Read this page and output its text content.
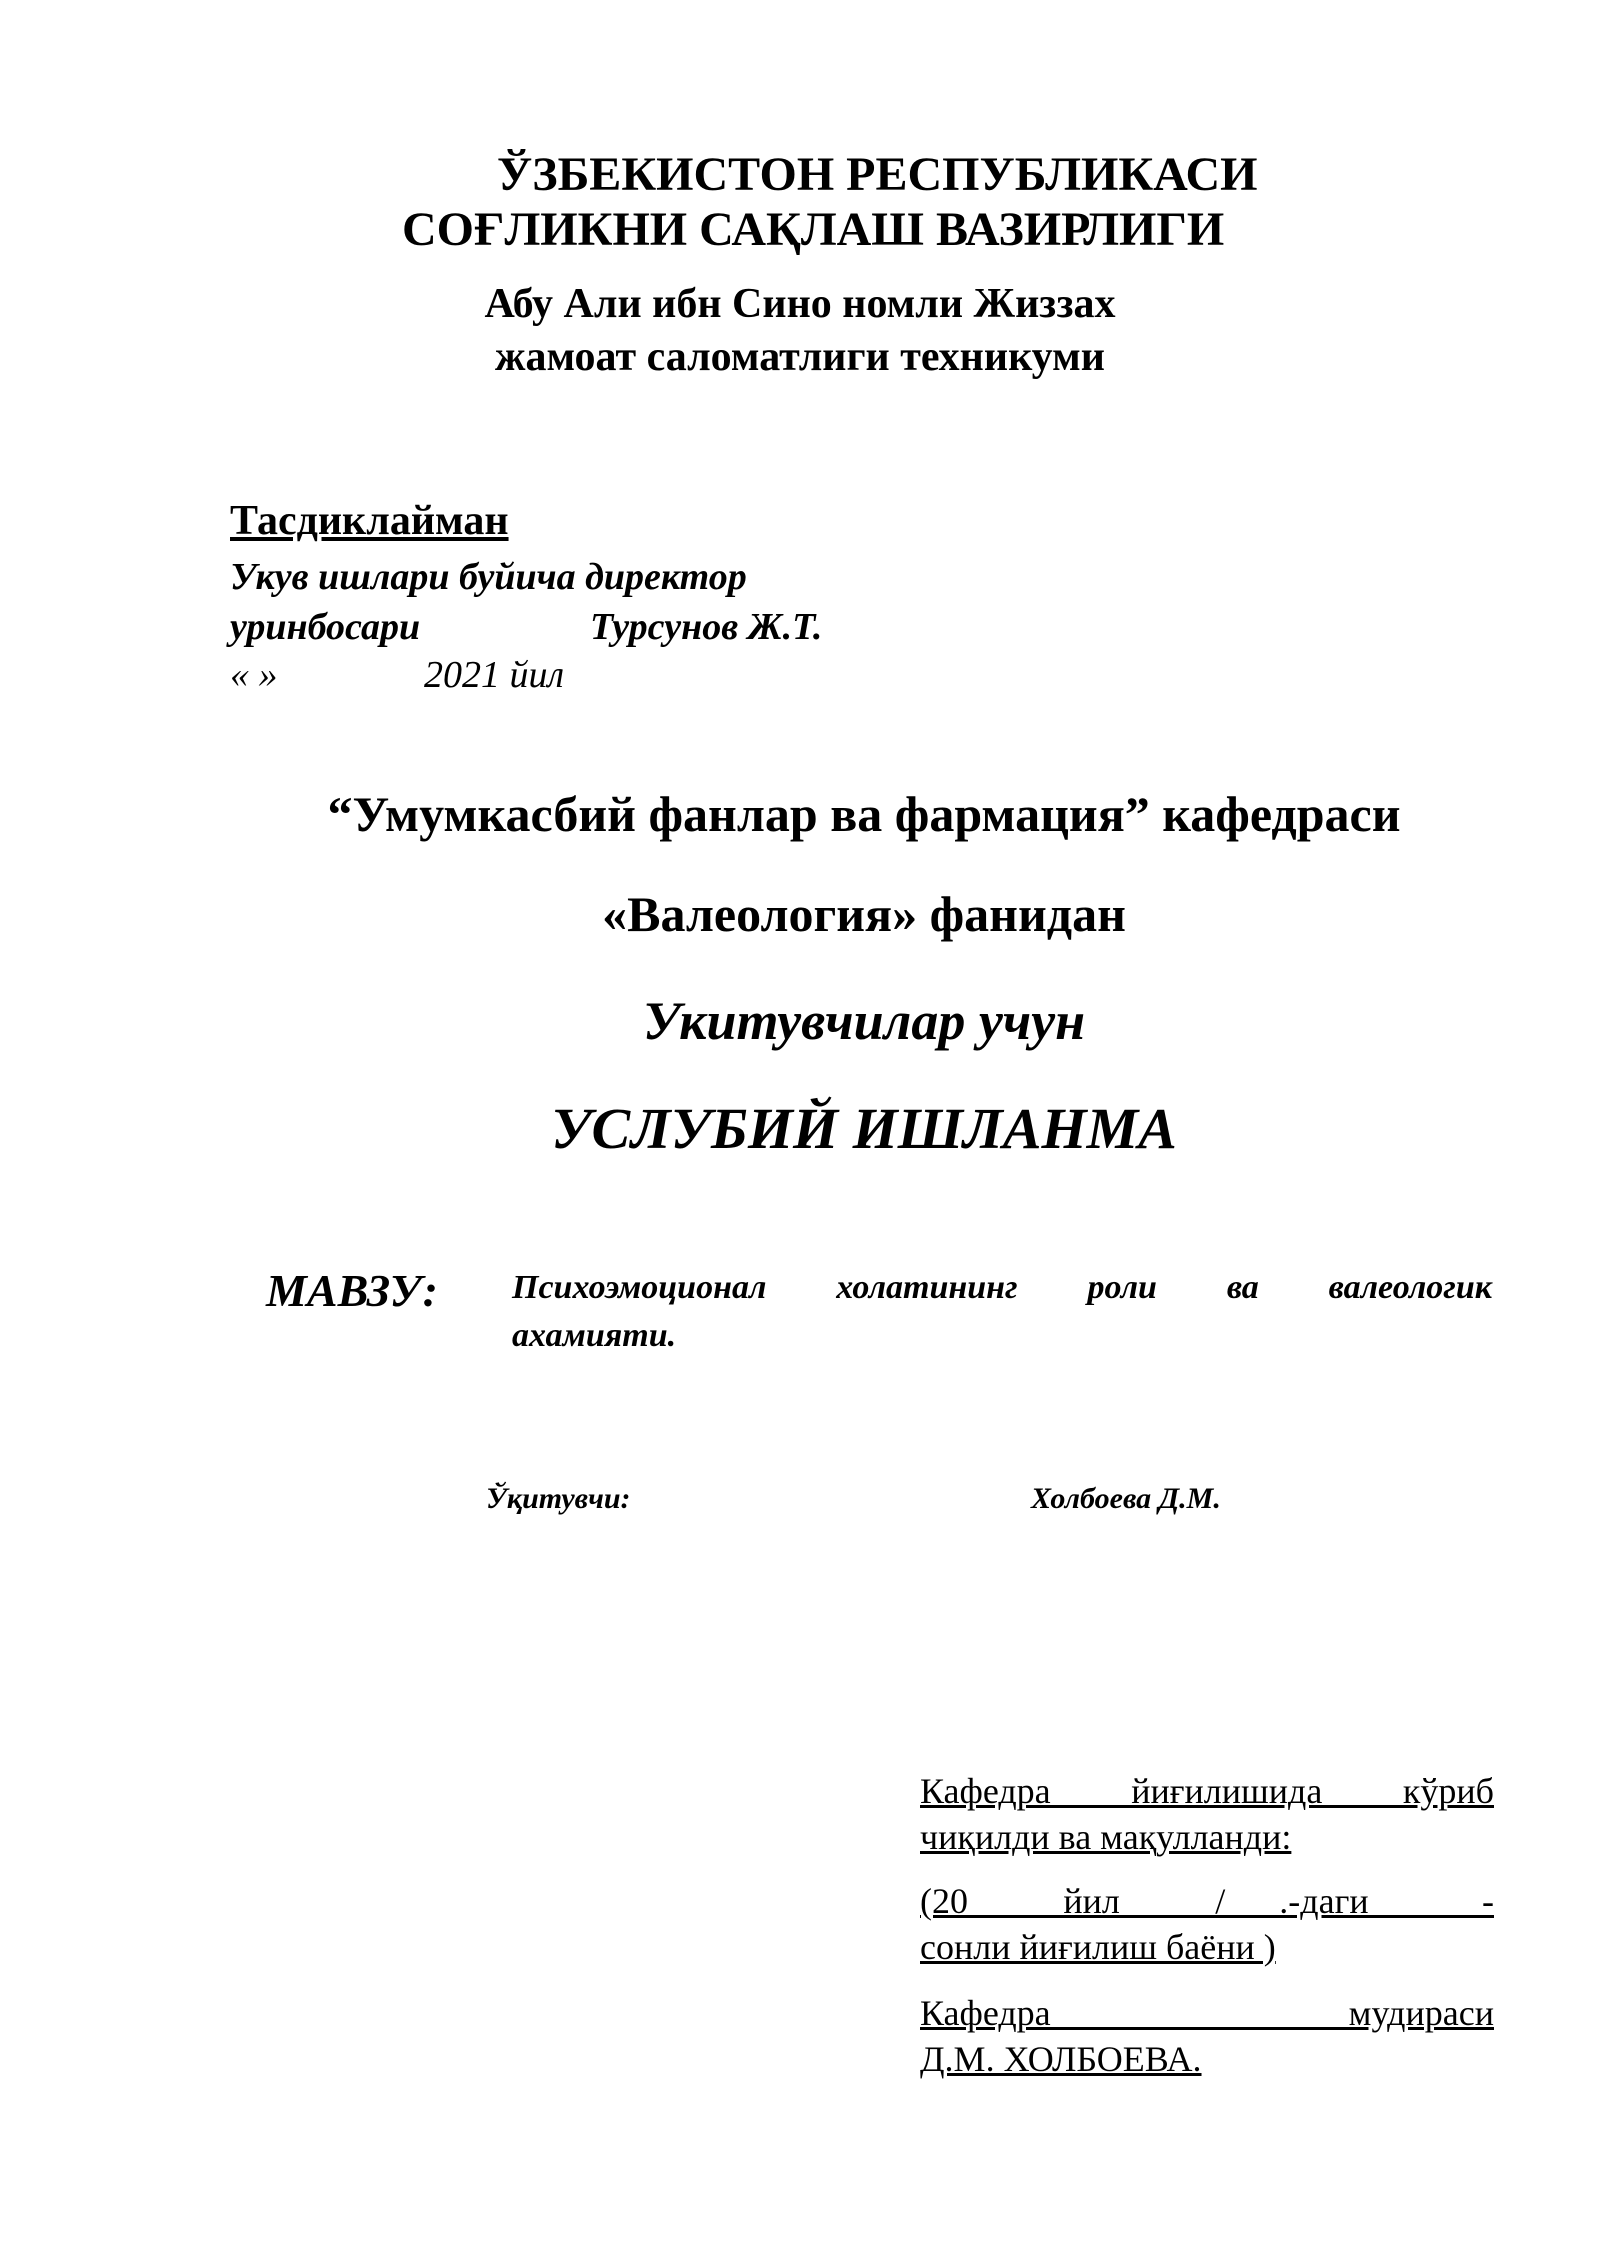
ЎЗБЕКИСТОН РЕСПУБЛИКАСИ
СОҒЛИКНИ САҚЛАШ ВАЗИРЛИГИ
Абу Али ибн Сино номли Жиззах
жамоат саломатлиги техникуми
Тасдиклайман
Укув ишлари буйича директор
уринбосари	Турсунов Ж.Т.
« »	2021 йил
“Умумкасбий фанлар ва фармация” кафедраси
«Валеология» фанидан
Укитувчилар учун
УСЛУБИЙ ИШЛАНМА
МАВЗУ: Психоэмоционал холатининг роли ва валеологик
ахамияти.
Ўқитувчи:	Холбоева Д.М.
Кафедра йиғилишида кўриб
чиқилди ва мақулланди:
(20___ йил ___/___.-даги ____-
сонли йиғилиш баёни )
Кафедра мудираси
Д.М. ХОЛБОЕВА.
